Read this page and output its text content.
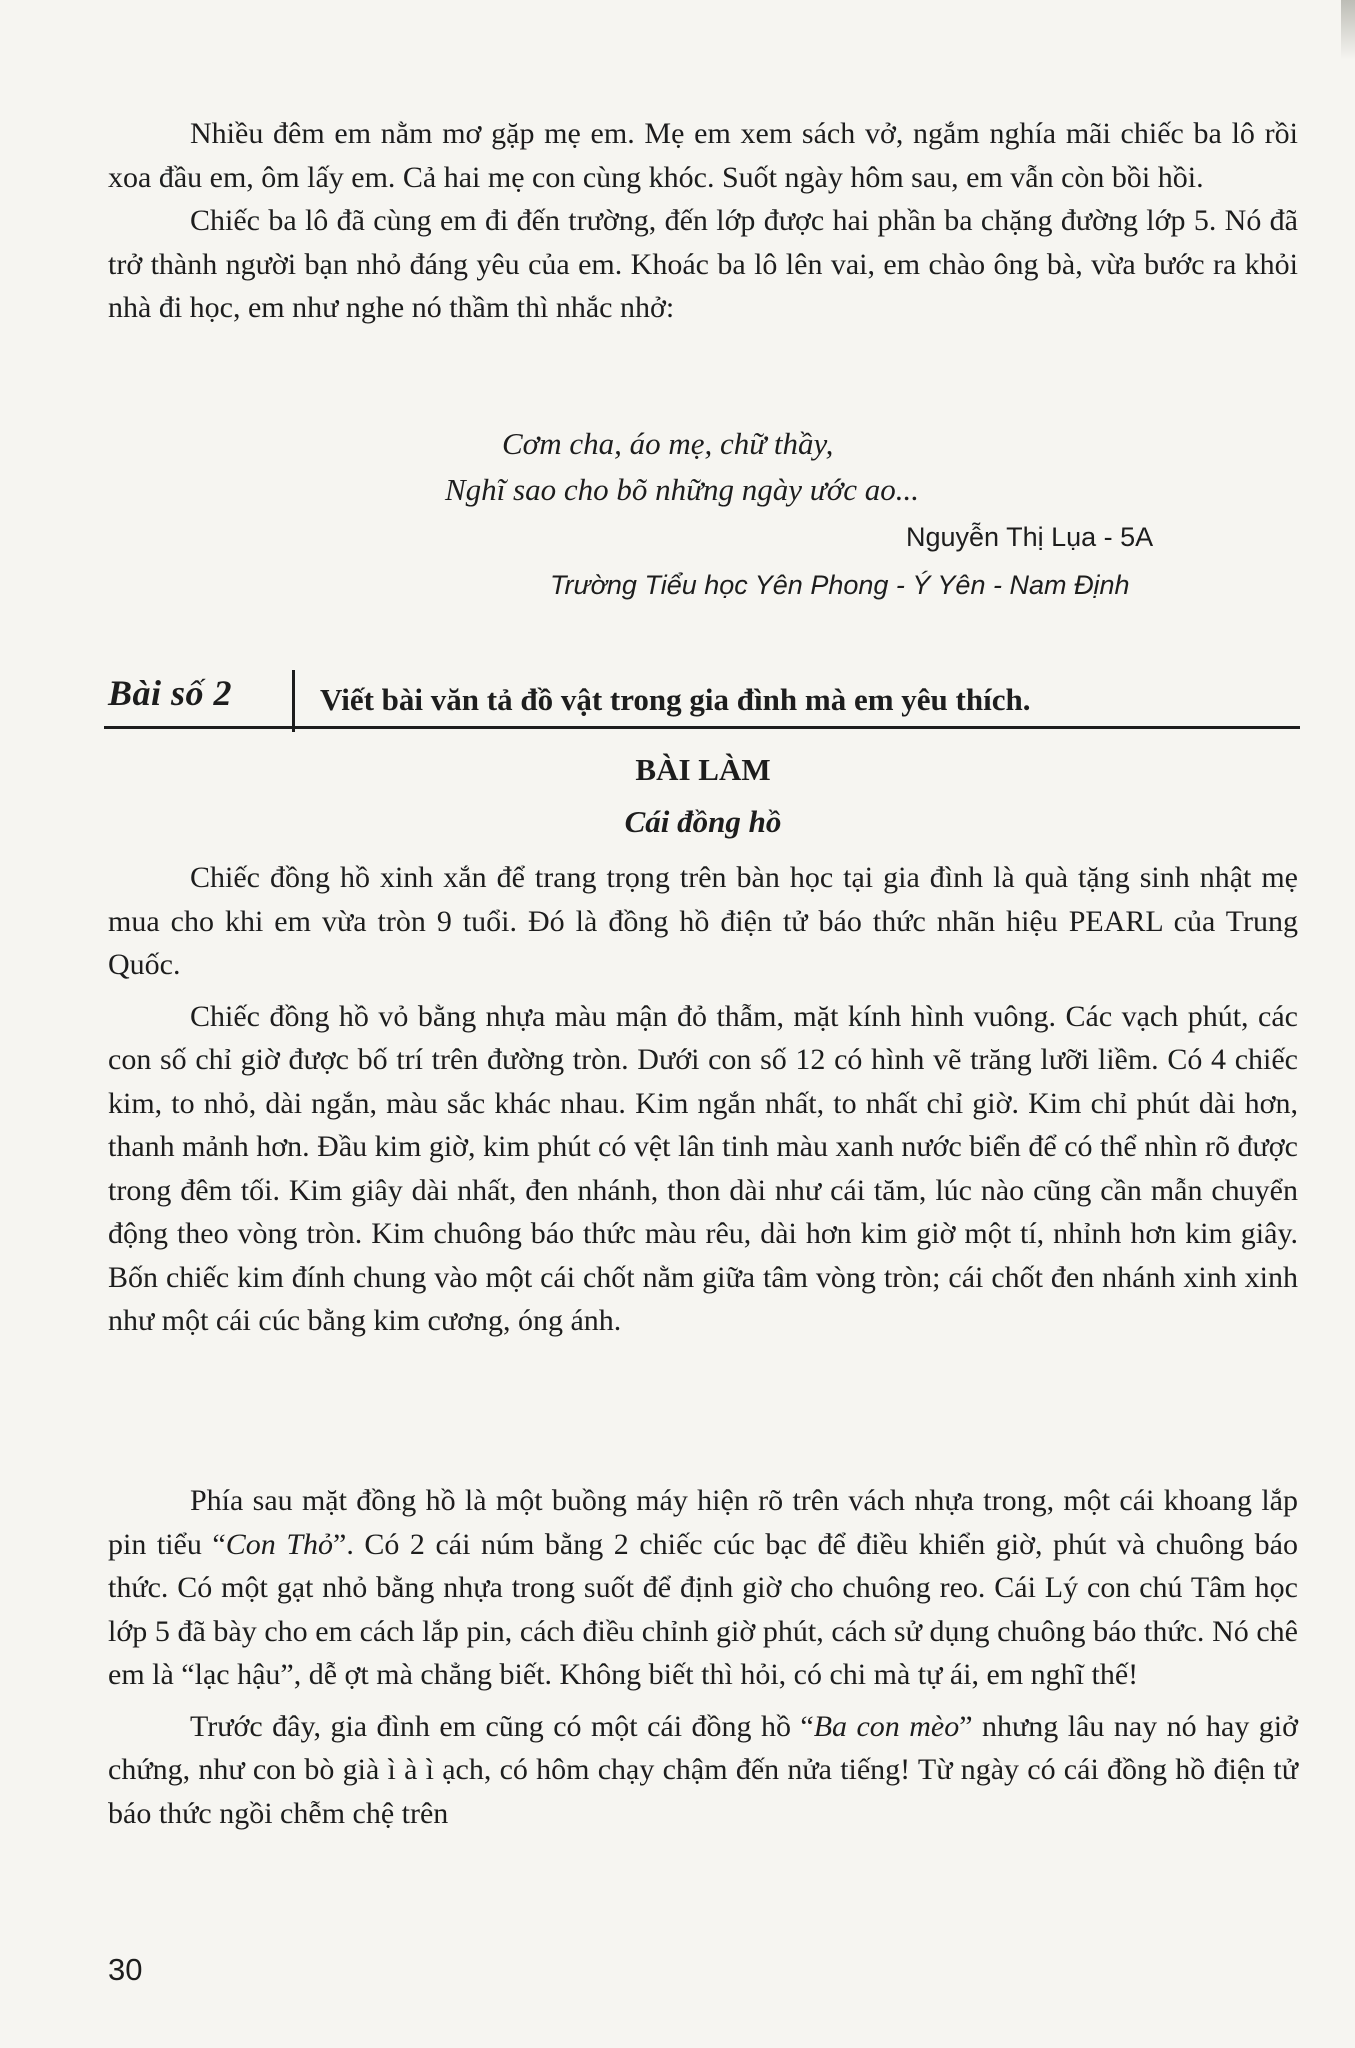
Nhiều đêm em nằm mơ gặp mẹ em. Mẹ em xem sách vở, ngắm nghía mãi chiếc ba lô rồi xoa đầu em, ôm lấy em. Cả hai mẹ con cùng khóc. Suốt ngày hôm sau, em vẫn còn bồi hồi.

Chiếc ba lô đã cùng em đi đến trường, đến lớp được hai phần ba chặng đường lớp 5. Nó đã trở thành người bạn nhỏ đáng yêu của em. Khoác ba lô lên vai, em chào ông bà, vừa bước ra khỏi nhà đi học, em như nghe nó thầm thì nhắc nhở:

Cơm cha, áo mẹ, chữ thầy,
Nghĩ sao cho bõ những ngày ước ao...
Nguyễn Thị Lụa - 5A
Trường Tiểu học Yên Phong - Ý Yên - Nam Định
Bài số 2	Viết bài văn tả đồ vật trong gia đình mà em yêu thích.
BÀI LÀM
Cái đồng hồ

Chiếc đồng hồ xinh xắn để trang trọng trên bàn học tại gia đình là quà tặng sinh nhật mẹ mua cho khi em vừa tròn 9 tuổi. Đó là đồng hồ điện tử báo thức nhãn hiệu PEARL của Trung Quốc.

Chiếc đồng hồ vỏ bằng nhựa màu mận đỏ thẫm, mặt kính hình vuông. Các vạch phút, các con số chỉ giờ được bố trí trên đường tròn. Dưới con số 12 có hình vẽ trăng lưỡi liềm. Có 4 chiếc kim, to nhỏ, dài ngắn, màu sắc khác nhau. Kim ngắn nhất, to nhất chỉ giờ. Kim chỉ phút dài hơn, thanh mảnh hơn. Đầu kim giờ, kim phút có vệt lân tinh màu xanh nước biển để có thể nhìn rõ được trong đêm tối. Kim giây dài nhất, đen nhánh, thon dài như cái tăm, lúc nào cũng cần mẫn chuyển động theo vòng tròn. Kim chuông báo thức màu rêu, dài hơn kim giờ một tí, nhỉnh hơn kim giây. Bốn chiếc kim đính chung vào một cái chốt nằm giữa tâm vòng tròn; cái chốt đen nhánh xinh xinh như một cái cúc bằng kim cương, óng ánh.

Phía sau mặt đồng hồ là một buồng máy hiện rõ trên vách nhựa trong, một cái khoang lắp pin tiểu “Con Thỏ”. Có 2 cái núm bằng 2 chiếc cúc bạc để điều khiển giờ, phút và chuông báo thức. Có một gạt nhỏ bằng nhựa trong suốt để định giờ cho chuông reo. Cái Lý con chú Tâm học lớp 5 đã bày cho em cách lắp pin, cách điều chỉnh giờ phút, cách sử dụng chuông báo thức. Nó chê em là “lạc hậu”, dễ ợt mà chẳng biết. Không biết thì hỏi, có chi mà tự ái, em nghĩ thế!

Trước đây, gia đình em cũng có một cái đồng hồ “Ba con mèo” nhưng lâu nay nó hay giở chứng, như con bò già ì à ì ạch, có hôm chạy chậm đến nửa tiếng! Từ ngày có cái đồng hồ điện tử báo thức ngồi chễm chệ trên

30
